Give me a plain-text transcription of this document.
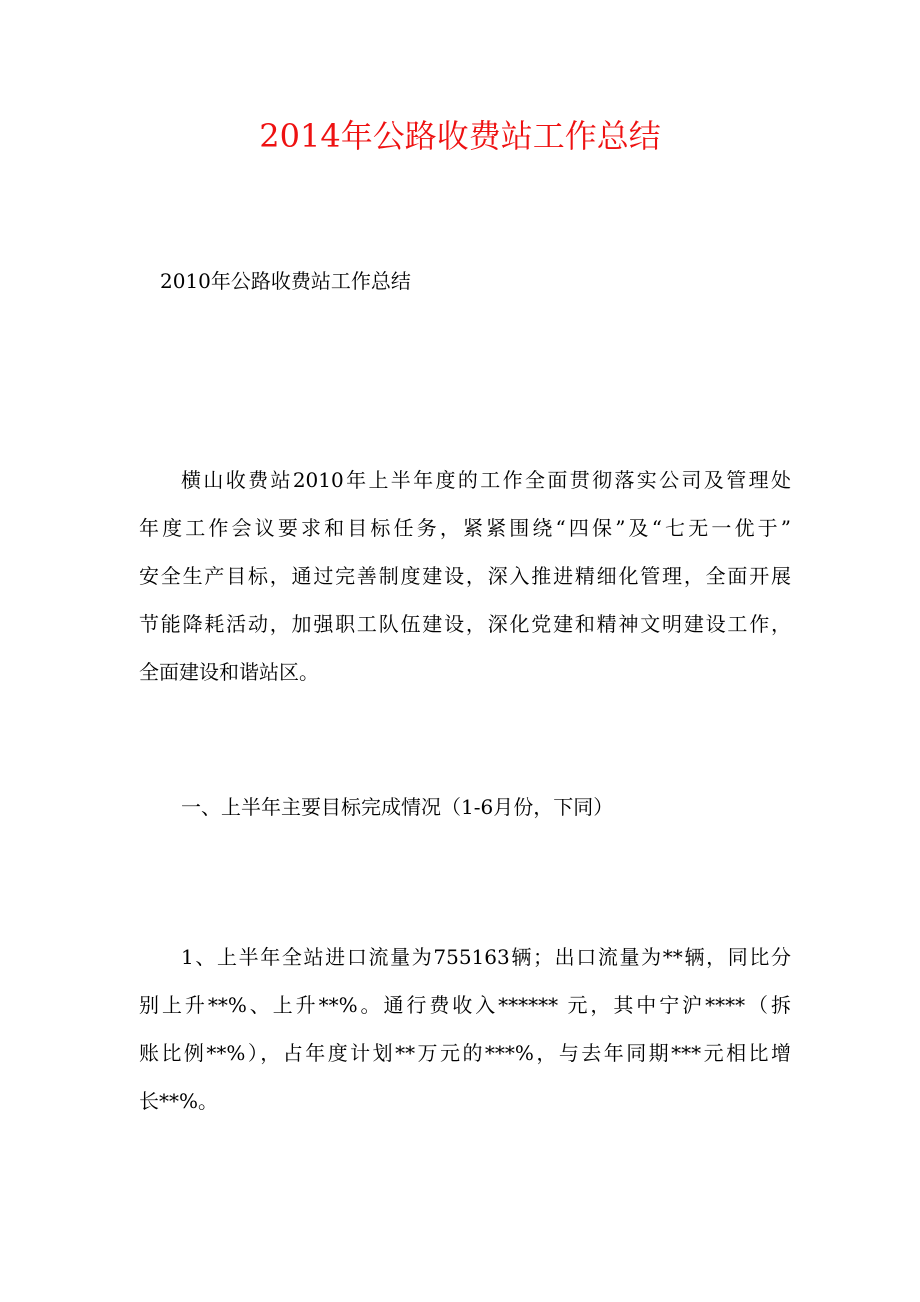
2014年公路收费站工作总结

2010年公路收费站工作总结

横山收费站2010年上半年度的工作全面贯彻落实公司及管理处
年度工作会议要求和目标任务，紧紧围绕“四保”及“七无一优于”
安全生产目标，通过完善制度建设，深入推进精细化管理，全面开展
节能降耗活动，加强职工队伍建设，深化党建和精神文明建设工作，
全面建设和谐站区。

一、上半年主要目标完成情况（1-6月份，下同）

1、上半年全站进口流量为755163辆；出口流量为**辆，同比分
别上升**%、上升**%。通行费收入****** 元，其中宁沪****（拆
账比例**%），占年度计划**万元的***%，与去年同期***元相比增
长**%。
